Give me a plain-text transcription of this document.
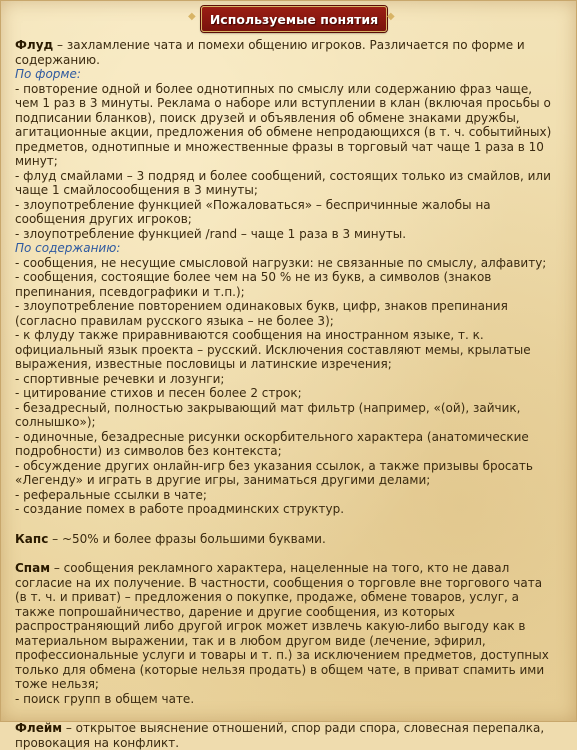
◆	Используемые понятия ◆
Флуд – захламление чата и помехи общению игроков. Различается по форме и содержанию.
По форме:
- повторение одной и более однотипных по смыслу или содержанию фраз чаще, чем 1 раз в 3 минуты. Реклама о наборе или вступлении в клан (включая просьбы о подписании бланков), поиск друзей и объявления об обмене знаками дружбы, агитационные акции, предложения об обмене непродающихся (в т. ч. событийных) предметов, однотипные и множественные фразы в торговый чат чаще 1 раза в 10 минут;
- флуд смайлами – 3 подряд и более сообщений, состоящих только из смайлов, или чаще 1 смайлосообщения в 3 минуты;
- злоупотребление функцией «Пожаловаться» – беспричинные жалобы на сообщения других игроков;
- злоупотребление функцией /rand – чаще 1 раза в 3 минуты.
По содержанию:
- сообщения, не несущие смысловой нагрузки: не связанные по смыслу, алфавиту;
- сообщения, состоящие более чем на 50 % не из букв, а символов (знаков препинания, псевдографики и т.п.);
- злоупотребление повторением одинаковых букв, цифр, знаков препинания (согласно правилам русского языка – не более 3);
- к флуду также приравниваются сообщения на иностранном языке, т. к. официальный язык проекта – русский. Исключения составляют мемы, крылатые выражения, известные пословицы и латинские изречения;
- спортивные речевки и лозунги;
- цитирование стихов и песен более 2 строк;
- безадресный, полностью закрывающий мат фильтр (например, «(ой), зайчик, солнышко»);
- одиночные, безадресные рисунки оскорбительного характера (анатомические подробности) из символов без контекста;
- обсуждение других онлайн-игр без указания ссылок, а также призывы бросать «Легенду» и играть в другие игры, заниматься другими делами;
- реферальные ссылки в чате;
- создание помех в работе проадминских структур.
Капс – ~50% и более фразы большими буквами.
Спам – сообщения рекламного характера, нацеленные на того, кто не давал согласие на их получение. В частности, сообщения о торговле вне торгового чата (в т. ч. и приват) – предложения о покупке, продаже, обмене товаров, услуг, а также попрошайничество, дарение и другие сообщения, из которых распространяющий либо другой игрок может извлечь какую-либо выгоду как в материальном выражении, так и в любом другом виде (лечение, эфирил, профессиональные услуги и товары и т. п.) за исключением предметов, доступных только для обмена (которые нельзя продать) в общем чате, в приват спамить ими тоже нельзя;
- поиск групп в общем чате.
Флейм – открытое выяснение отношений, спор ради спора, словесная перепалка, провокация на конфликт.
